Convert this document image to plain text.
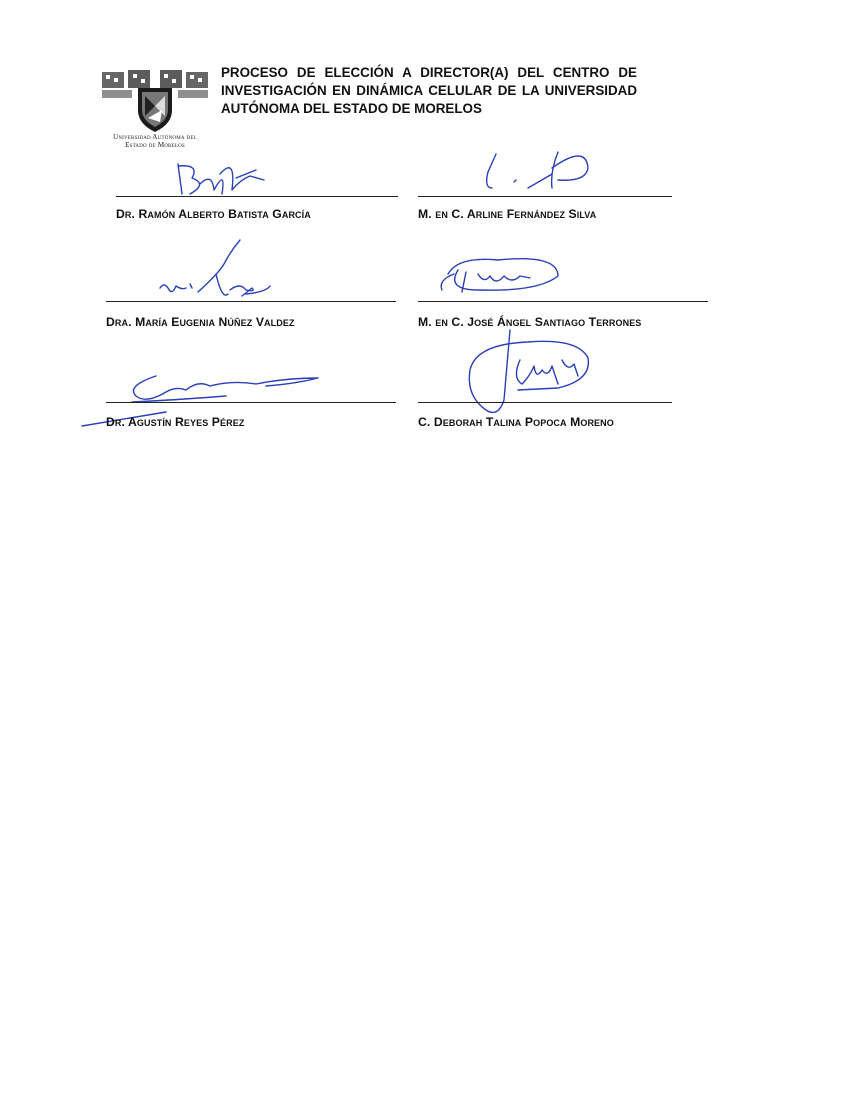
Universidad Autónoma del
Estado de Morelos
PROCESO DE ELECCIÓN A DIRECTOR(A) DEL CENTRO DE INVESTIGACIÓN EN DINÁMICA CELULAR DE LA UNIVERSIDAD AUTÓNOMA DEL ESTADO DE MORELOS
Dr. Ramón Alberto Batista García	M. en C. Arline Fernández Silva
Dra. María Eugenia Núñez Valdez	M. en C. José Ángel Santiago Terrones
Dr. Agustín Reyes Pérez	C. Deborah Talina Popoca Moreno
